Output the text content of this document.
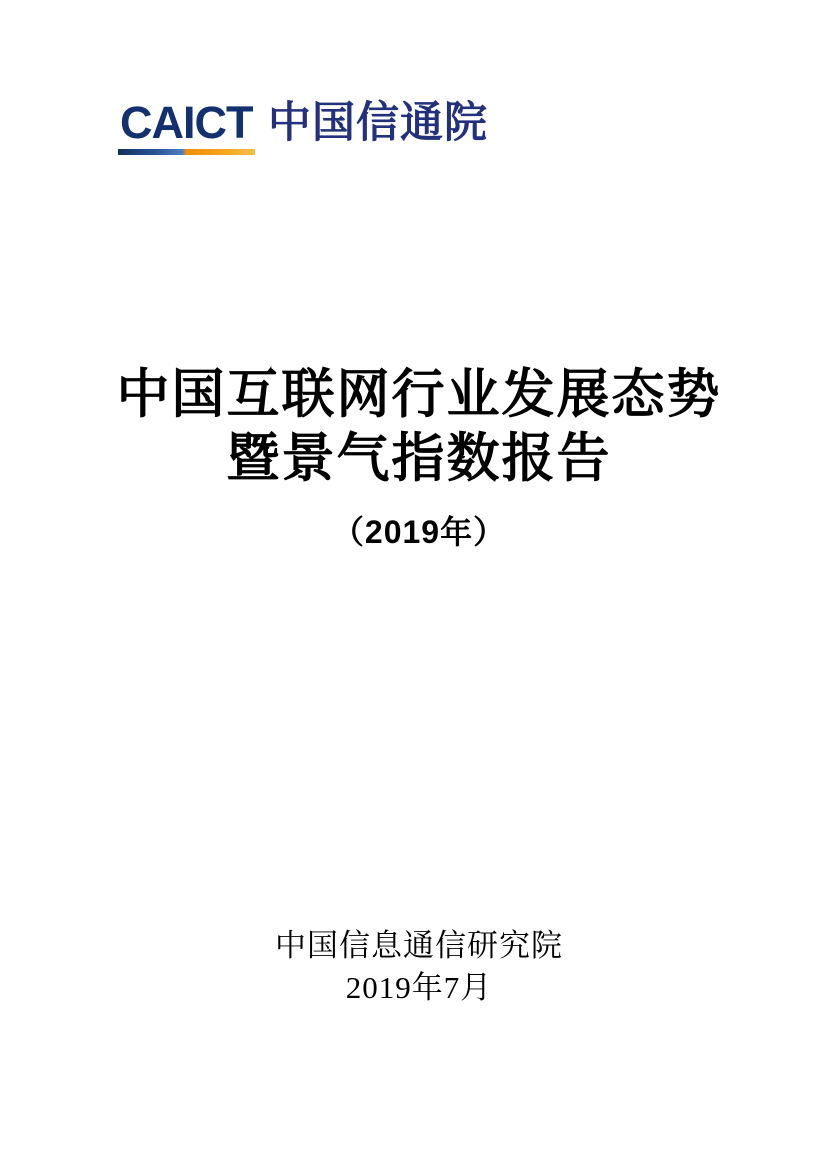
CAICT 中国信通院
中国互联网行业发展态势
暨景气指数报告
（2019年）
中国信息通信研究院
2019年7月
